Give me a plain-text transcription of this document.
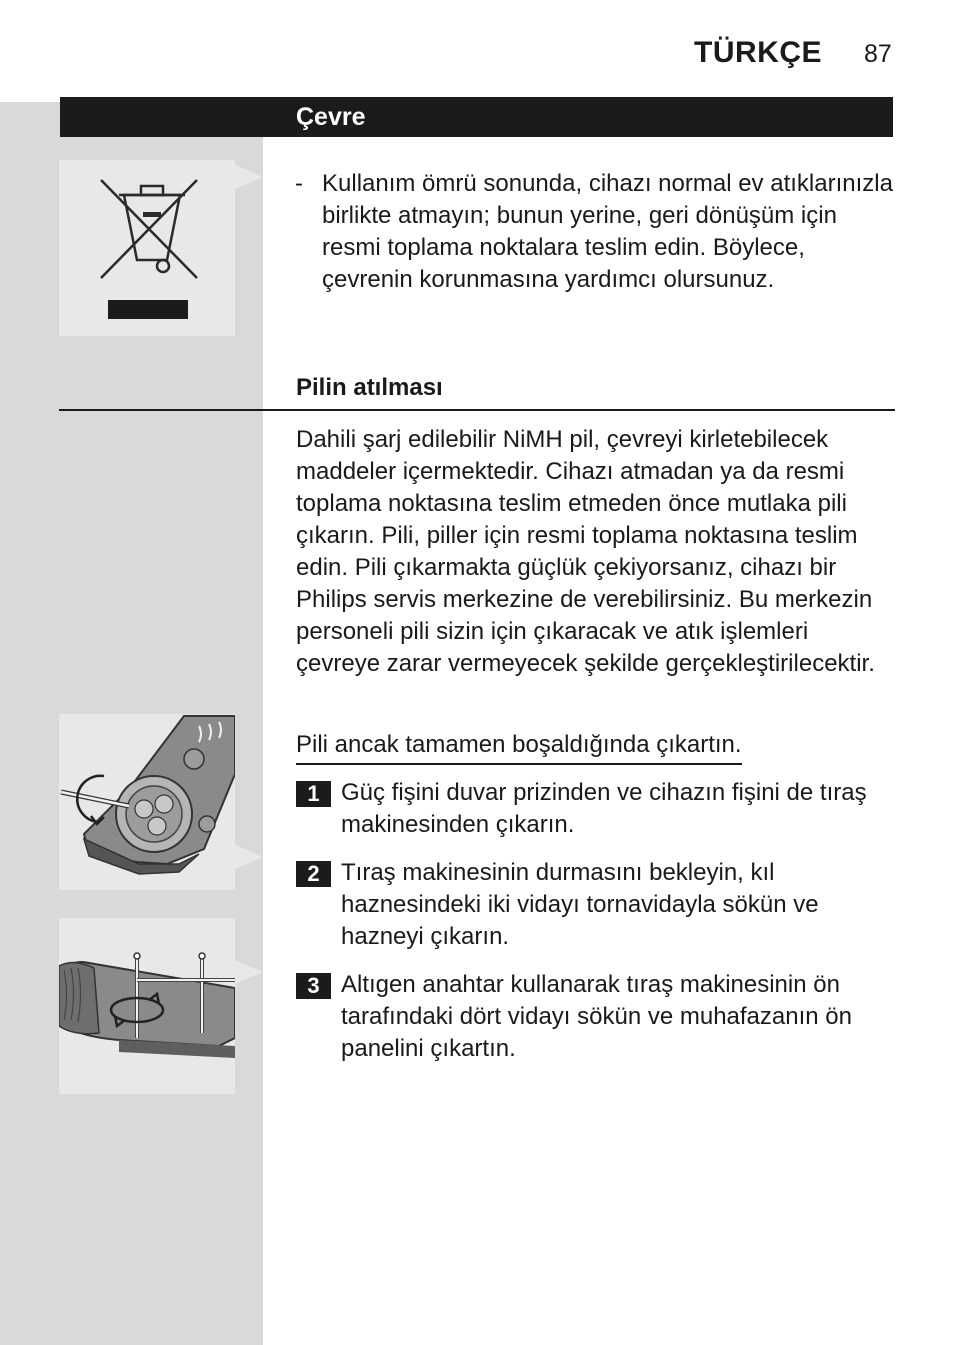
TÜRKÇE 87
Çevre
- Kullanım ömrü sonunda, cihazı normal ev atıklarınızla birlikte atmayın; bunun yerine, geri dönüşüm için resmi toplama noktalara teslim edin. Böylece, çevrenin korunmasına yardımcı olursunuz.
Pilin atılması
Dahili şarj edilebilir NiMH pil, çevreyi kirletebilecek maddeler içermektedir. Cihazı atmadan ya da resmi toplama noktasına teslim etmeden önce mutlaka pili çıkarın. Pili, piller için resmi toplama noktasına teslim edin. Pili çıkarmakta güçlük çekiyorsanız, cihazı bir Philips servis merkezine de verebilirsiniz. Bu merkezin personeli pili sizin için çıkaracak ve atık işlemleri çevreye zarar vermeyecek şekilde gerçekleştirilecektir.
Pili ancak tamamen boşaldığında çıkartın.
1 Güç fişini duvar prizinden ve cihazın fişini de tıraş makinesinden çıkarın.
2 Tıraş makinesinin durmasını bekleyin, kıl haznesindeki iki vidayı tornavidayla sökün ve hazneyi çıkarın.
3 Altıgen anahtar kullanarak tıraş makinesinin ön tarafındaki dört vidayı sökün ve muhafazanın ön panelini çıkartın.
